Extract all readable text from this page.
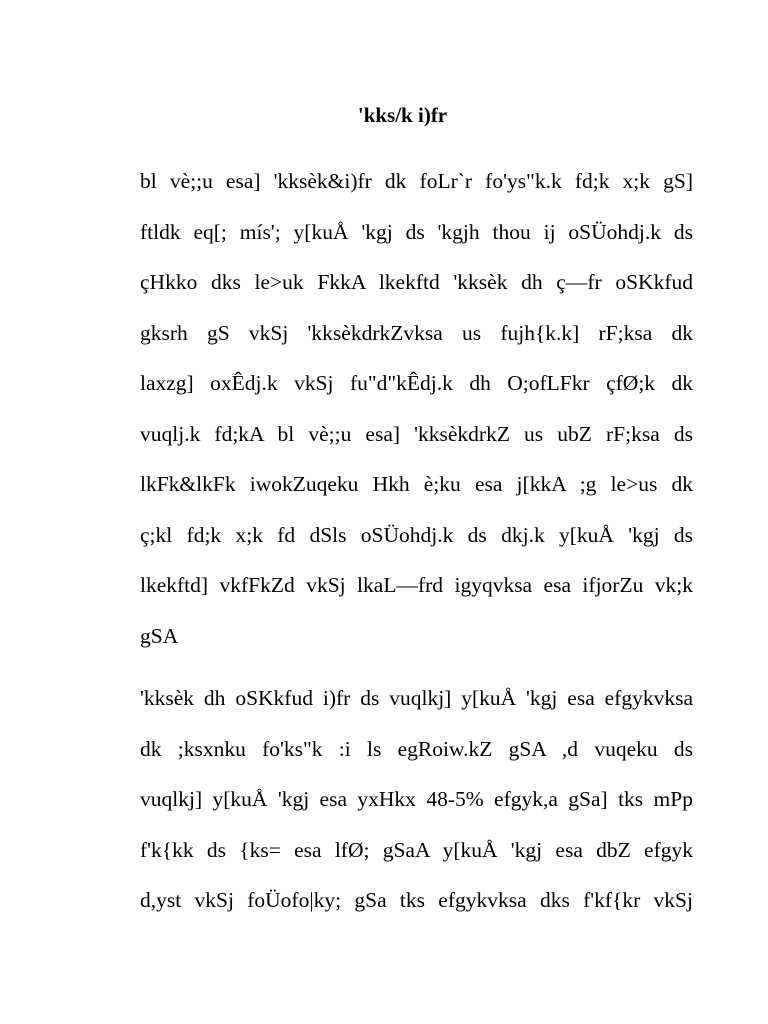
'kks/k i)fr

bl vè;;u esa] 'kksèk&i)fr dk foLr`r fo'ys"k.k fd;k x;k gS]
ftldk eq[; mís'; y[kuÅ 'kgj ds 'kgjh thou ij oSÜohdj.k ds
çHkko dks le>uk FkkA lkekftd 'kksèk dh ç—fr oSKkfud
gksrh gS vkSj 'kksèkdrkZvksa us fujh{k.k] rF;ksa dk
laxzg] oxÊdj.k vkSj fu"d"kÊdj.k dh O;ofLFkr çfØ;k dk
vuqlj.k fd;kA bl vè;;u esa] 'kksèkdrkZ us ubZ rF;ksa ds
lkFk&lkFk iwokZuqeku Hkh è;ku esa j[kkA ;g le>us dk
ç;kl fd;k x;k fd dSls oSÜohdj.k ds dkj.k y[kuÅ 'kgj ds
lkekftd] vkfFkZd vkSj lkaL—frd igyqvksa esa ifjorZu vk;k
gSA

'kksèk dh oSKkfud i)fr ds vuqlkj] y[kuÅ 'kgj esa efgykvksa
dk ;ksxnku fo'ks"k :i ls egRoiw.kZ gSA ,d vuqeku ds
vuqlkj] y[kuÅ 'kgj esa yxHkx 48-5% efgyk,a gSa] tks mPp
f'k{kk ds {ks= esa lfØ; gSaA y[kuÅ 'kgj esa dbZ efgyk
d,yst vkSj foÜofo|ky; gSa tks efgykvksa dks f'kf{kr vkSj
